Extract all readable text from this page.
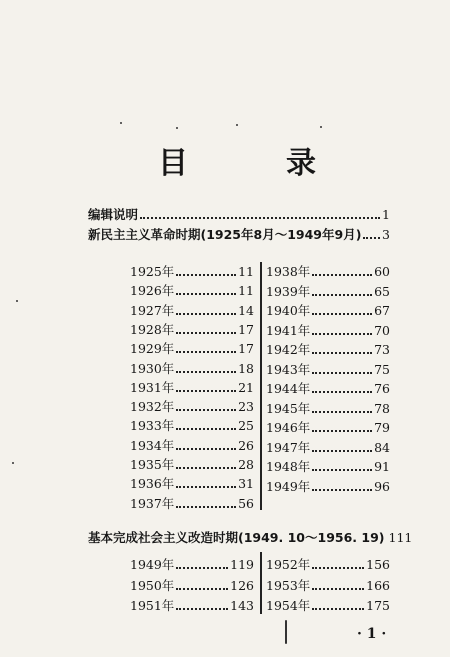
目　录
编辑说明	1
新民主主义革命时期(1925年8月～1949年9月) 3
1925年	11
1926年	11
1927年	14
1928年	17
1929年	17
1930年	18
1931年	21
1932年	23
1933年	25
1934年	26
1935年	28
1936年	31
1937年	56
1938年	60
1939年	65
1940年	67
1941年	70
1942年	73
1943年	75
1944年	76
1945年	78
1946年	79
1947年	84
1948年	91
1949年	96
基本完成社会主义改造时期(1949. 10～1956. 19) 111
1949年	119
1950年	126
1951年	143
1952年	156
1953年	166
1954年	175
· 1 ·
